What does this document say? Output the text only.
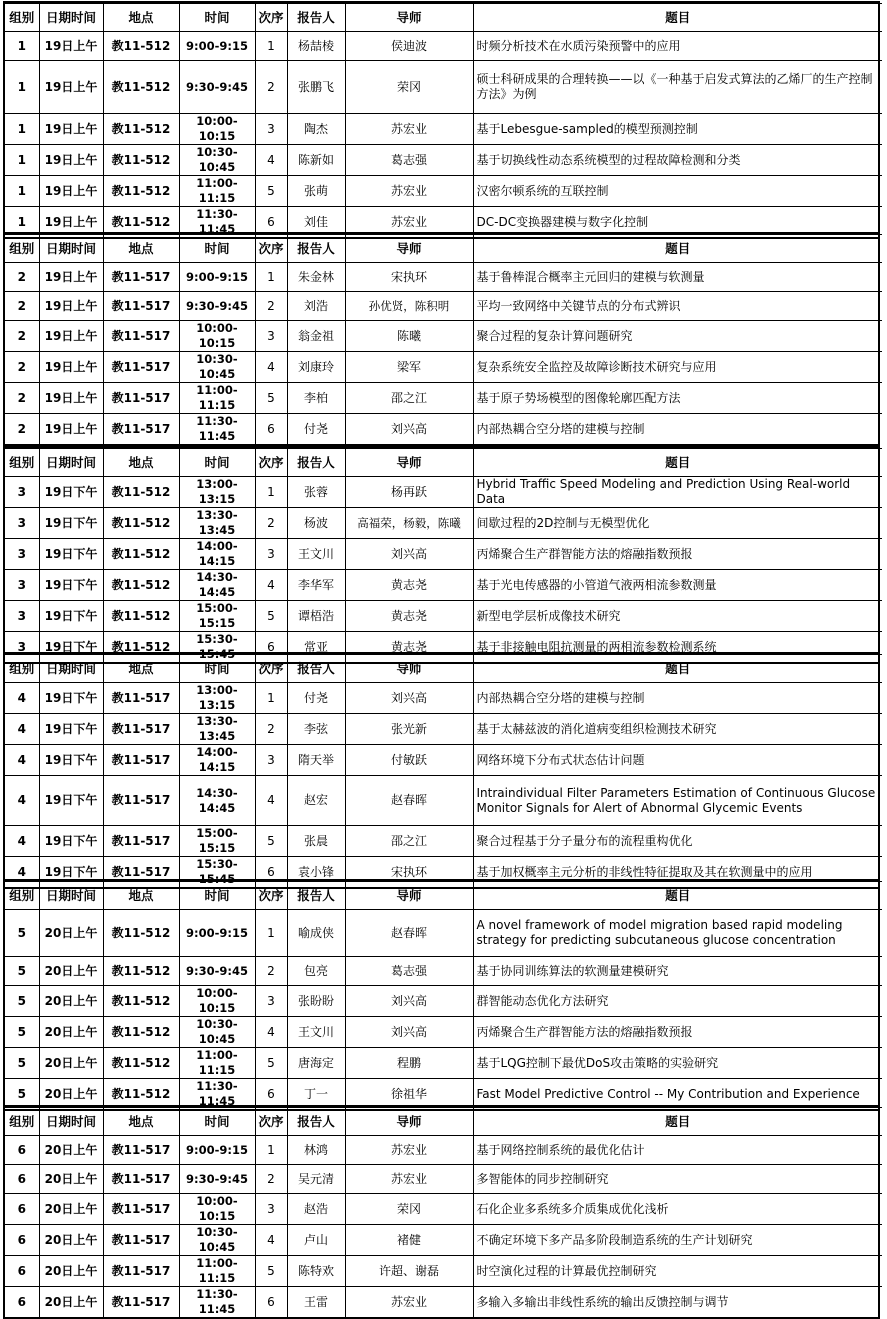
组别	日期时间	地点	时间	次序	报告人	导师	题目
1	19日上午	教11-512	9:00-9:15	1	杨喆棱	侯迪波	时频分析技术在水质污染预警中的应用
1	19日上午	教11-512	9:30-9:45	2	张鹏飞	荣冈	硕士科研成果的合理转换——以《一种基于启发式算法的乙烯厂的生产控制方法》为例
1	19日上午	教11-512	10:00-10:15	3	陶杰	苏宏业	基于Lebesgue-sampled的模型预测控制
1	19日上午	教11-512	10:30-10:45	4	陈新如	葛志强	基于切换线性动态系统模型的过程故障检测和分类
1	19日上午	教11-512	11:00-11:15	5	张萌	苏宏业	汉密尔顿系统的互联控制
1	19日上午	教11-512	11:30-11:45	6	刘佳	苏宏业	DC-DC变换器建模与数字化控制
组别	日期时间	地点	时间	次序	报告人	导师	题目
2	19日上午	教11-517	9:00-9:15	1	朱金林	宋执环	基于鲁棒混合概率主元回归的建模与软测量
2	19日上午	教11-517	9:30-9:45	2	刘浩	孙优贤，陈积明	平均一致网络中关键节点的分布式辨识
2	19日上午	教11-517	10:00-10:15	3	翁金祖	陈曦	聚合过程的复杂计算问题研究
2	19日上午	教11-517	10:30-10:45	4	刘康玲	梁军	复杂系统安全监控及故障诊断技术研究与应用
2	19日上午	教11-517	11:00-11:15	5	李柏	邵之江	基于原子势场模型的图像轮廓匹配方法
2	19日上午	教11-517	11:30-11:45	6	付尧	刘兴高	内部热耦合空分塔的建模与控制
组别	日期时间	地点	时间	次序	报告人	导师	题目
3	19日下午	教11-512	13:00-13:15	1	张蓉	杨再跃	Hybrid Traffic Speed Modeling and Prediction Using Real-world Data
3	19日下午	教11-512	13:30-13:45	2	杨波	高福荣，杨毅，陈曦	间歇过程的2D控制与无模型优化
3	19日下午	教11-512	14:00-14:15	3	王文川	刘兴高	丙烯聚合生产群智能方法的熔融指数预报
3	19日下午	教11-512	14:30-14:45	4	李华军	黄志尧	基于光电传感器的小管道气液两相流参数测量
3	19日下午	教11-512	15:00-15:15	5	谭梧浩	黄志尧	新型电学层析成像技术研究
3	19日下午	教11-512	15:30-15:45	6	常亚	黄志尧	基于非接触电阻抗测量的两相流参数检测系统
组别	日期时间	地点	时间	次序	报告人	导师	题目
4	19日下午	教11-517	13:00-13:15	1	付尧	刘兴高	内部热耦合空分塔的建模与控制
4	19日下午	教11-517	13:30-13:45	2	李弦	张光新	基于太赫兹波的消化道病变组织检测技术研究
4	19日下午	教11-517	14:00-14:15	3	隋天举	付敏跃	网络环境下分布式状态估计问题
4	19日下午	教11-517	14:30-14:45	4	赵宏	赵春晖	Intraindividual Filter Parameters Estimation of Continuous Glucose Monitor Signals for Alert of Abnormal Glycemic Events
4	19日下午	教11-517	15:00-15:15	5	张晨	邵之江	聚合过程基于分子量分布的流程重构优化
4	19日下午	教11-517	15:30-15:45	6	袁小锋	宋执环	基于加权概率主元分析的非线性特征提取及其在软测量中的应用
组别	日期时间	地点	时间	次序	报告人	导师	题目
5	20日上午	教11-512	9:00-9:15	1	喻成侠	赵春晖	A novel framework of model migration based rapid modeling strategy for predicting subcutaneous glucose concentration
5	20日上午	教11-512	9:30-9:45	2	包亮	葛志强	基于协同训练算法的软测量建模研究
5	20日上午	教11-512	10:00-10:15	3	张盼盼	刘兴高	群智能动态优化方法研究
5	20日上午	教11-512	10:30-10:45	4	王文川	刘兴高	丙烯聚合生产群智能方法的熔融指数预报
5	20日上午	教11-512	11:00-11:15	5	唐海定	程鹏	基于LQG控制下最优DoS攻击策略的实验研究
5	20日上午	教11-512	11:30-11:45	6	丁一	徐祖华	Fast Model Predictive Control -- My Contribution and Experience
组别	日期时间	地点	时间	次序	报告人	导师	题目
6	20日上午	教11-517	9:00-9:15	1	林鸿	苏宏业	基于网络控制系统的最优化估计
6	20日上午	教11-517	9:30-9:45	2	吴元清	苏宏业	多智能体的同步控制研究
6	20日上午	教11-517	10:00-10:15	3	赵浩	荣冈	石化企业多系统多介质集成优化浅析
6	20日上午	教11-517	10:30-10:45	4	卢山	褚健	不确定环境下多产品多阶段制造系统的生产计划研究
6	20日上午	教11-517	11:00-11:15	5	陈特欢	许超、谢磊	时空演化过程的计算最优控制研究
6	20日上午	教11-517	11:30-11:45	6	王雷	苏宏业	多输入多输出非线性系统的输出反馈控制与调节
